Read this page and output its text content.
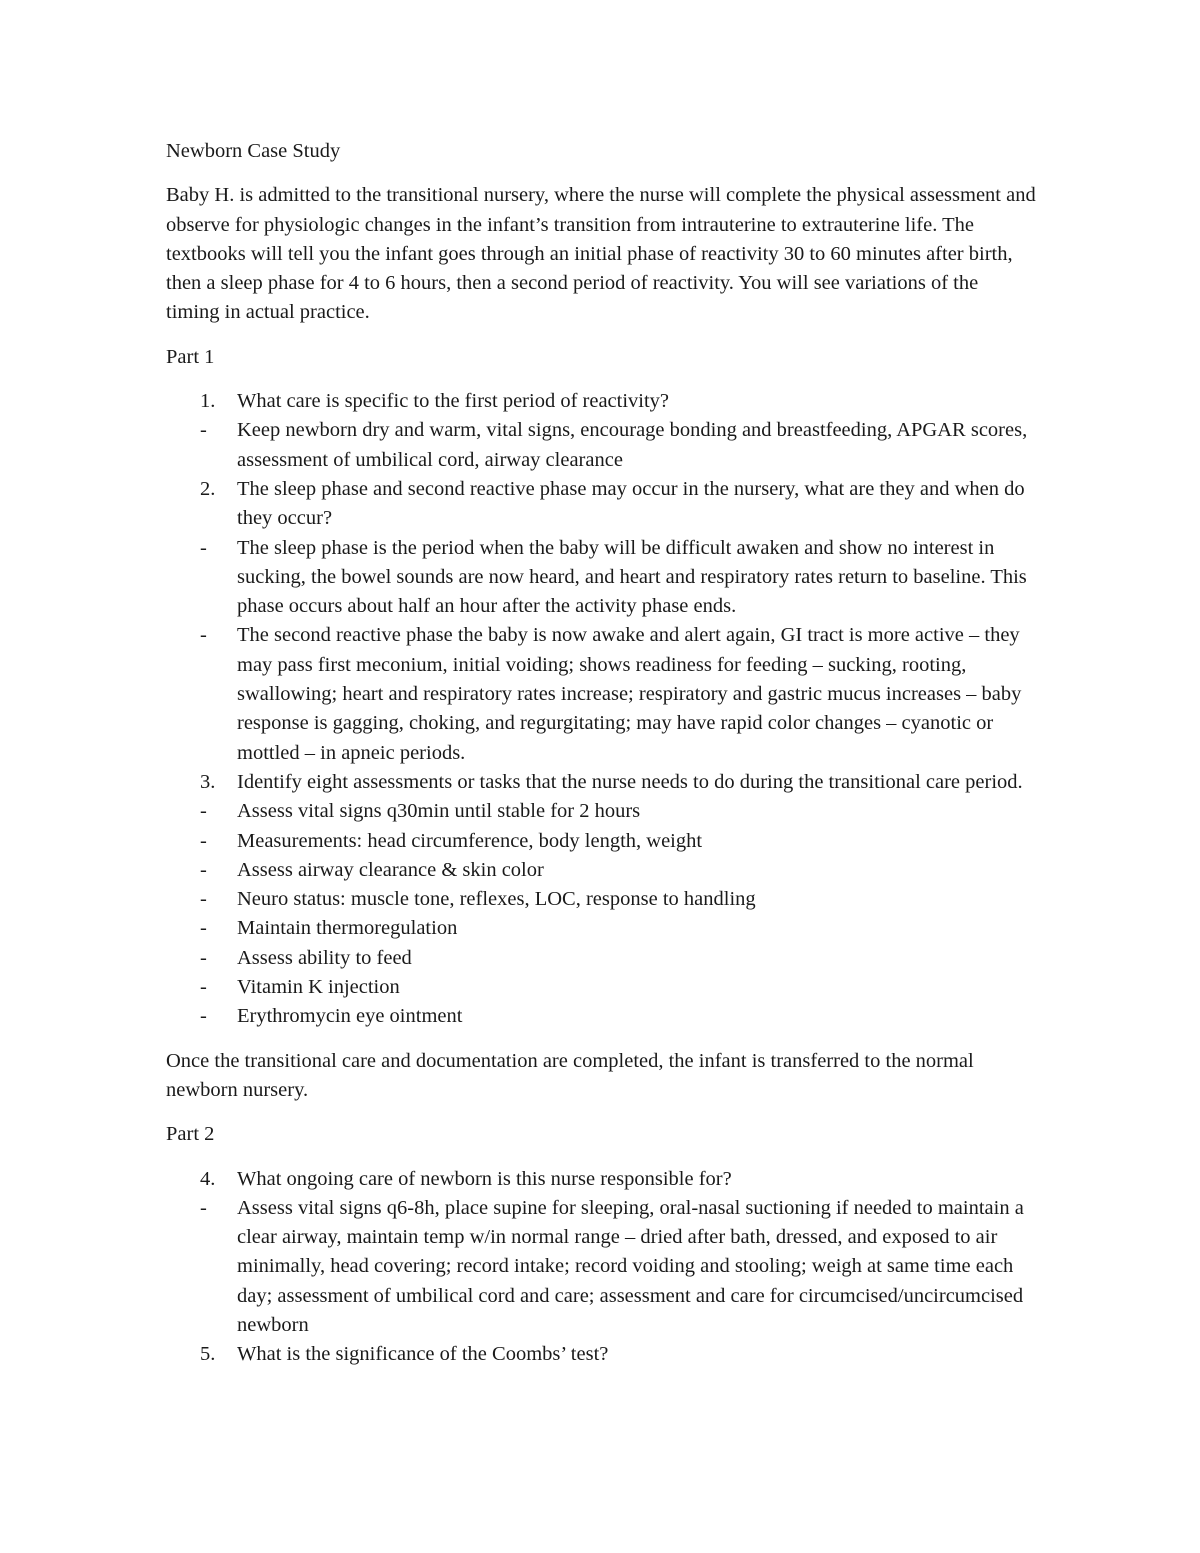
Newborn Case Study

Baby H. is admitted to the transitional nursery, where the nurse will complete the physical assessment and observe for physiologic changes in the infant’s transition from intrauterine to extrauterine life. The textbooks will tell you the infant goes through an initial phase of reactivity 30 to 60 minutes after birth, then a sleep phase for 4 to 6 hours, then a second period of reactivity. You will see variations of the timing in actual practice.

Part 1

1.	What care is specific to the first period of reactivity?
-	Keep newborn dry and warm, vital signs, encourage bonding and breastfeeding, APGAR scores, assessment of umbilical cord, airway clearance
2.	The sleep phase and second reactive phase may occur in the nursery, what are they and when do they occur?
-	The sleep phase is the period when the baby will be difficult awaken and show no interest in sucking, the bowel sounds are now heard, and heart and respiratory rates return to baseline. This phase occurs about half an hour after the activity phase ends.
-	The second reactive phase the baby is now awake and alert again, GI tract is more active – they may pass first meconium, initial voiding; shows readiness for feeding – sucking, rooting, swallowing; heart and respiratory rates increase; respiratory and gastric mucus increases – baby response is gagging, choking, and regurgitating; may have rapid color changes – cyanotic or mottled – in apneic periods.
3.	Identify eight assessments or tasks that the nurse needs to do during the transitional care period.
-	Assess vital signs q30min until stable for 2 hours
-	Measurements: head circumference, body length, weight
-	Assess airway clearance & skin color
-	Neuro status: muscle tone, reflexes, LOC, response to handling
-	Maintain thermoregulation
-	Assess ability to feed
-	Vitamin K injection
-	Erythromycin eye ointment

Once the transitional care and documentation are completed, the infant is transferred to the normal newborn nursery.

Part 2

4.	What ongoing care of newborn is this nurse responsible for?
-	Assess vital signs q6-8h, place supine for sleeping, oral-nasal suctioning if needed to maintain a clear airway, maintain temp w/in normal range – dried after bath, dressed, and exposed to air minimally, head covering; record intake; record voiding and stooling; weigh at same time each day; assessment of umbilical cord and care; assessment and care for circumcised/uncircumcised newborn
5.	What is the significance of the Coombs’ test?
